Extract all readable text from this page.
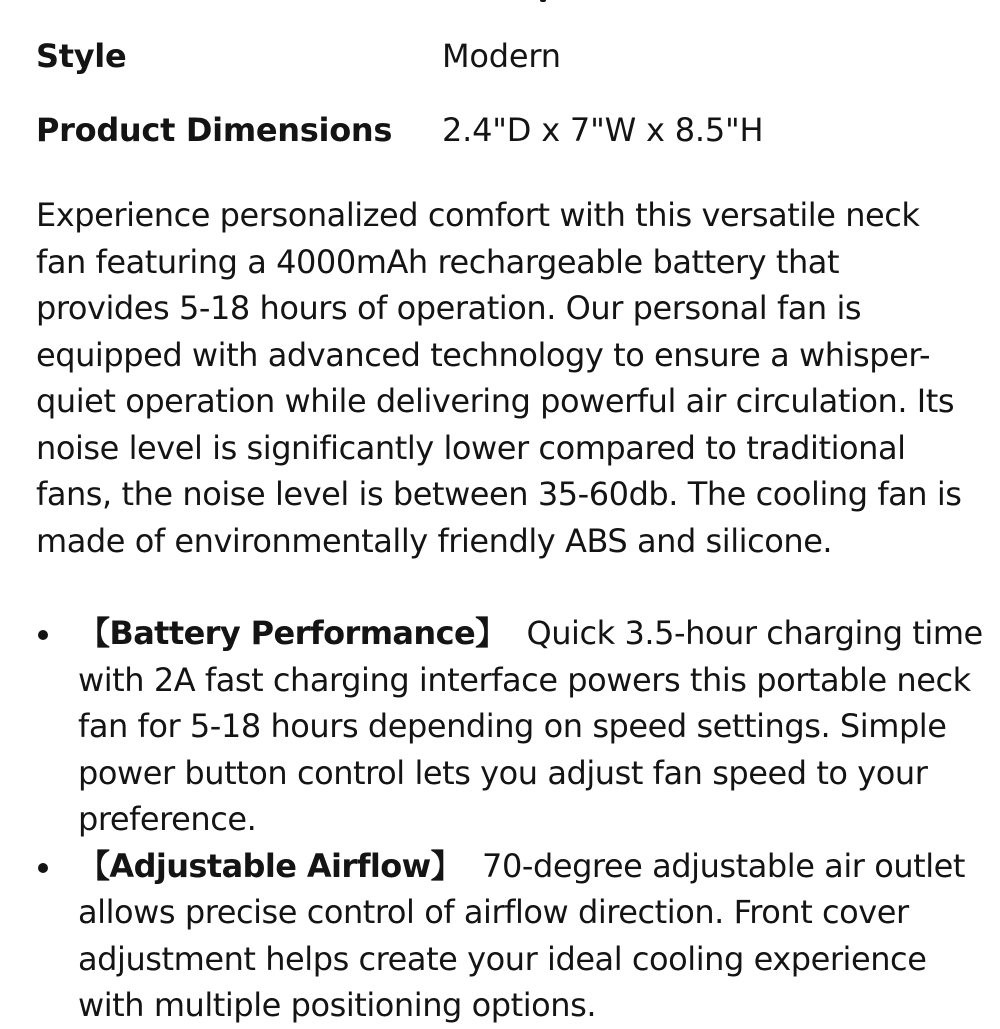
Style	Modern
Product Dimensions	2.4"D x 7"W x 8.5"H

Experience personalized comfort with this versatile neck fan featuring a 4000mAh rechargeable battery that provides 5-18 hours of operation. Our personal fan is equipped with advanced technology to ensure a whisper-quiet operation while delivering powerful air circulation. Its noise level is significantly lower compared to traditional fans, the noise level is between 35-60db. The cooling fan is made of environmentally friendly ABS and silicone.

【Battery Performance】 Quick 3.5-hour charging time with 2A fast charging interface powers this portable neck fan for 5-18 hours depending on speed settings. Simple power button control lets you adjust fan speed to your preference.
【Adjustable Airflow】 70-degree adjustable air outlet allows precise control of airflow direction. Front cover adjustment helps create your ideal cooling experience with multiple positioning options.
